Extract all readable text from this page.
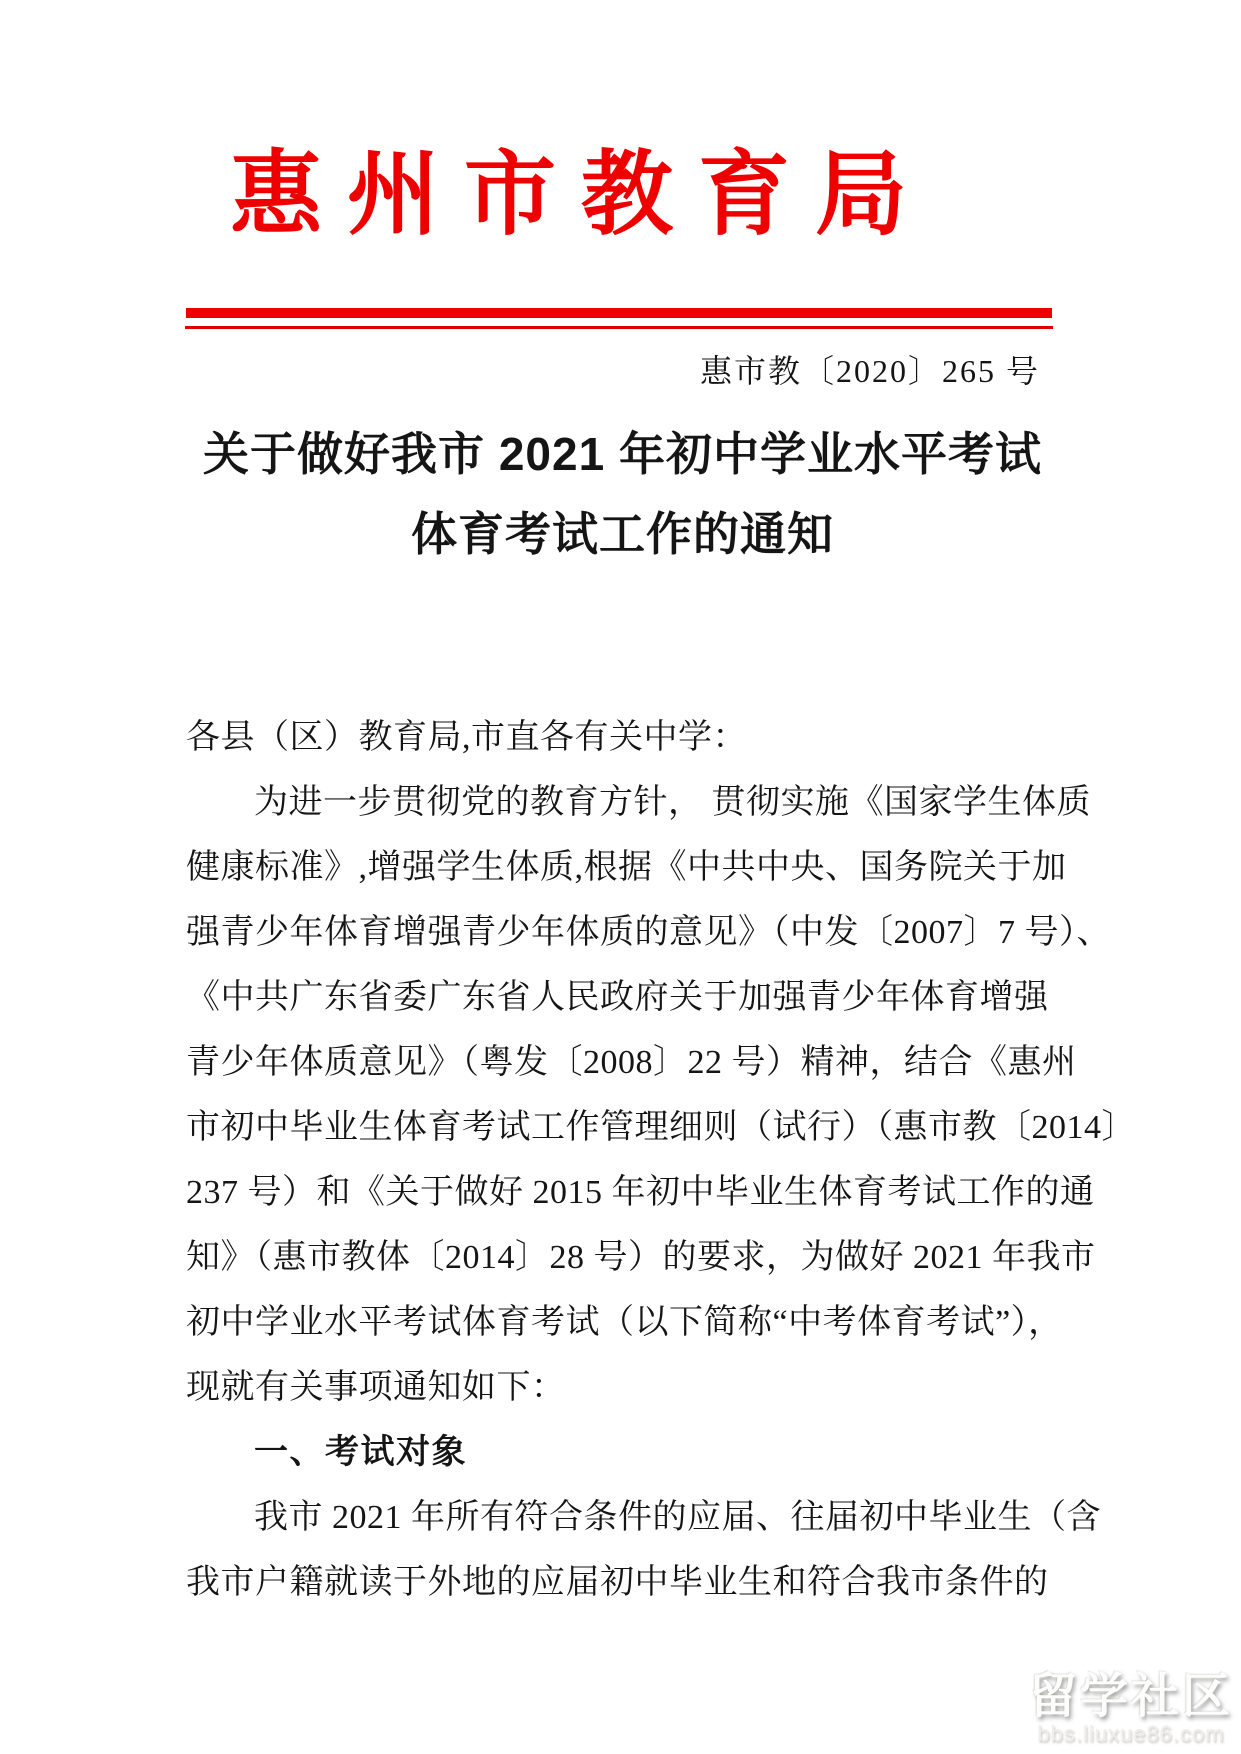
惠州市教育局
惠市教〔2020〕265 号
关于做好我市 2021 年初中学业水平考试
体育考试工作的通知
各县（区）教育局,市直各有关中学：
为进一步贯彻党的教育方针， 贯彻实施《国家学生体质
健康标准》,增强学生体质,根据《中共中央、国务院关于加
强青少年体育增强青少年体质的意见》（中发〔2007〕7 号）、
《中共广东省委广东省人民政府关于加强青少年体育增强
青少年体质意见》（粤发〔2008〕22 号）精神，结合《惠州
市初中毕业生体育考试工作管理细则（试行）（惠市教〔2014〕
237 号）和《关于做好 2015 年初中毕业生体育考试工作的通
知》（惠市教体〔2014〕28 号）的要求，为做好 2021 年我市
初中学业水平考试体育考试（以下简称“中考体育考试”），
现就有关事项通知如下：
一、考试对象
我市 2021 年所有符合条件的应届、往届初中毕业生（含
我市户籍就读于外地的应届初中毕业生和符合我市条件的
留学社区
bbs.liuxue86.com
